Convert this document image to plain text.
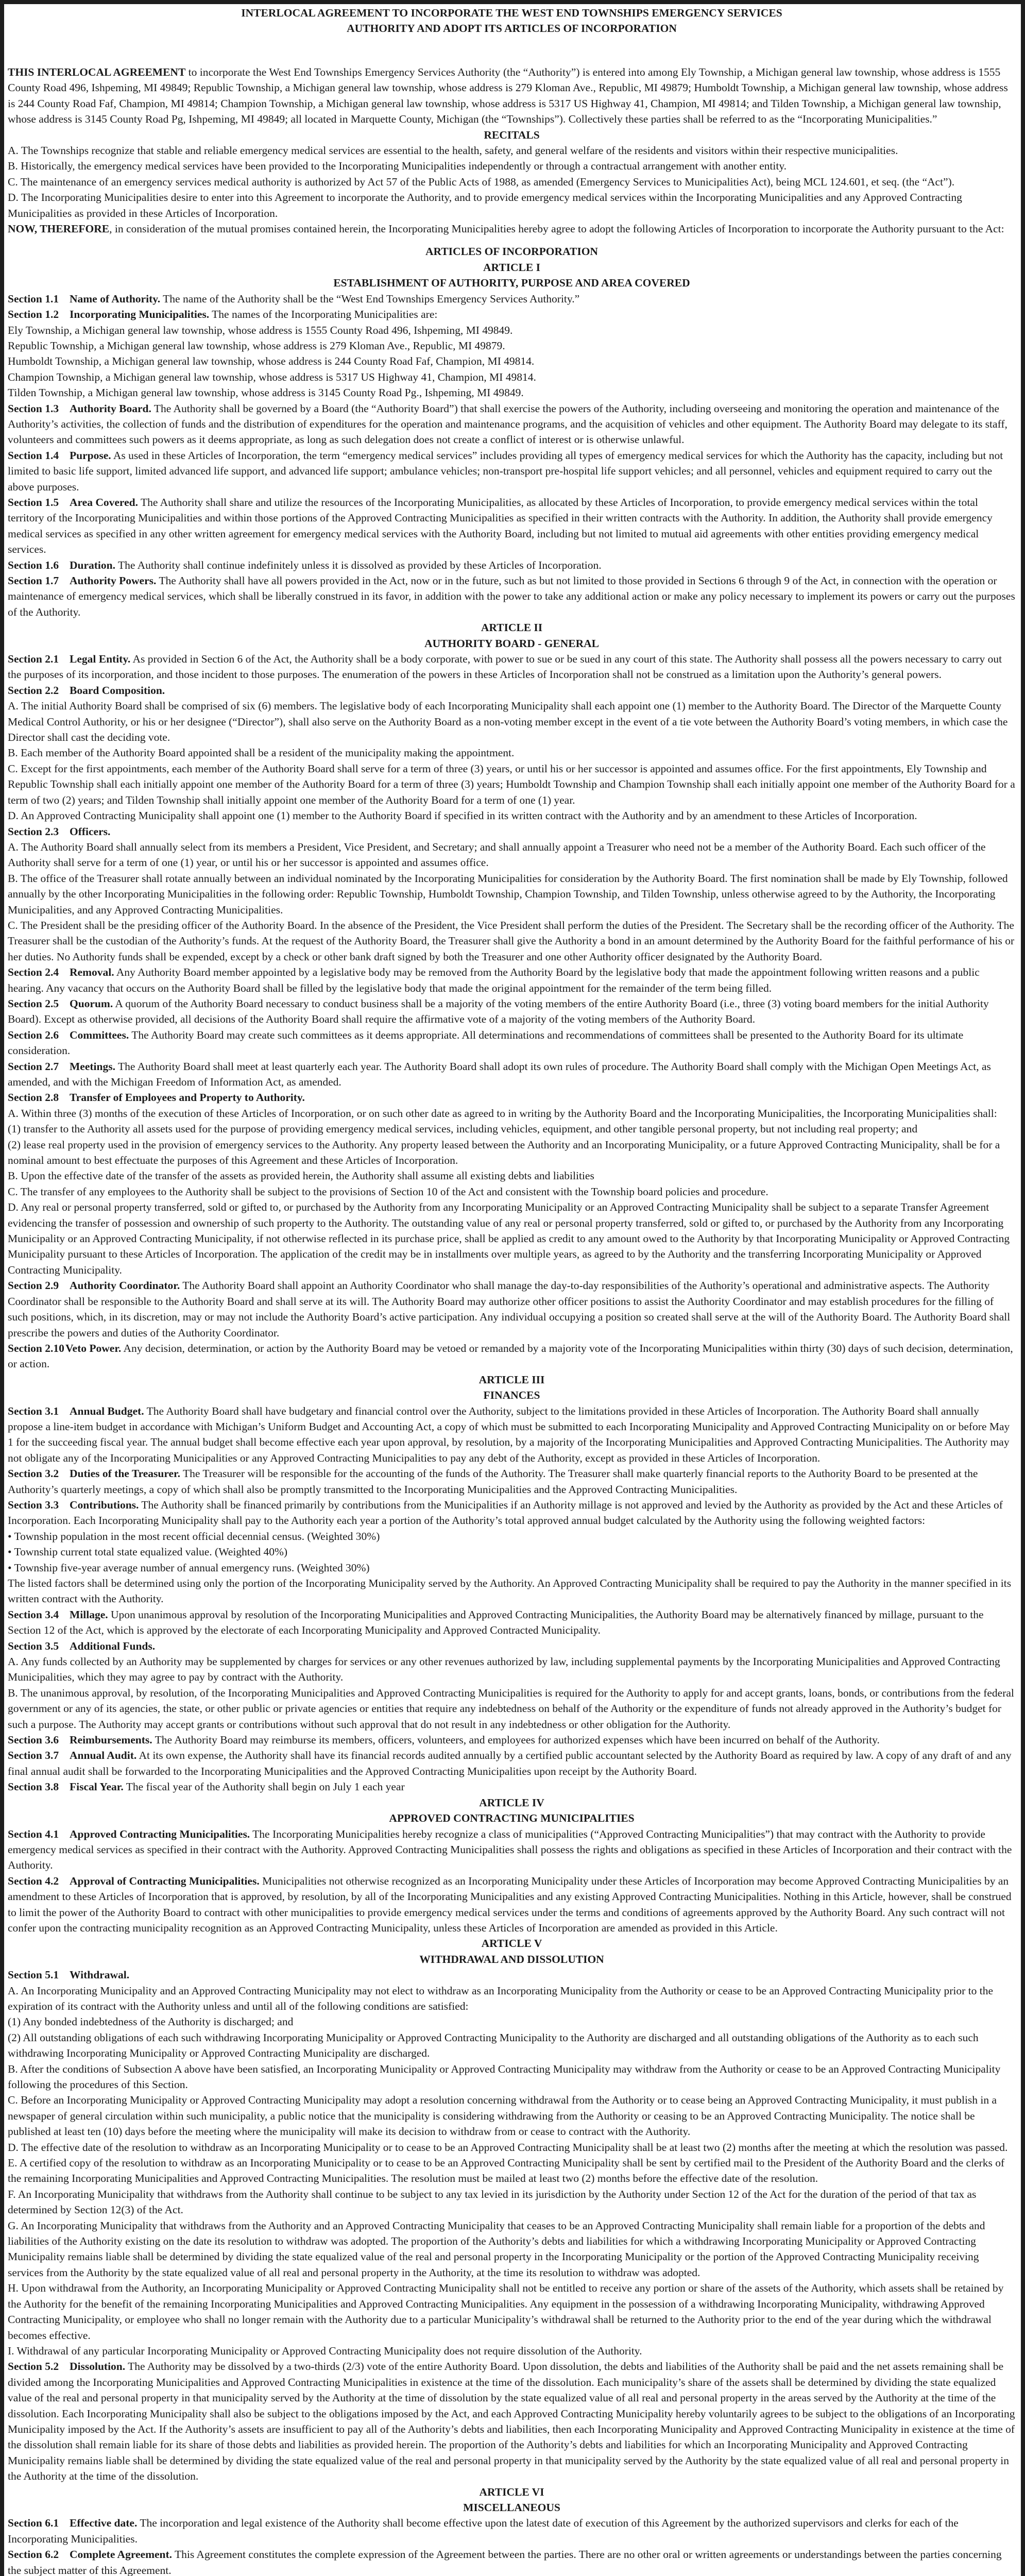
INTERLOCAL AGREEMENT TO INCORPORATE THE WEST END TOWNSHIPS EMERGENCY SERVICES
AUTHORITY AND ADOPT ITS ARTICLES OF INCORPORATION

THIS INTERLOCAL AGREEMENT to incorporate the West End Townships Emergency Services Authority (the “Authority”) is entered into among Ely Township, a Michigan general law township, whose address is 1555 County Road 496, Ishpeming, MI 49849; Republic Township, a Michigan general law township, whose address is 279 Kloman Ave., Republic, MI 49879; Humboldt Township, a Michigan general law township, whose address is 244 County Road Faf, Champion, MI 49814; Champion Township, a Michigan general law township, whose address is 5317 US Highway 41, Champion, MI 49814; and Tilden Township, a Michigan general law township, whose address is 3145 County Road Pg, Ishpeming, MI 49849; all located in Marquette County, Michigan (the “Townships”). Collectively these parties shall be referred to as the “Incorporating Municipalities.”

RECITALS

A. The Townships recognize that stable and reliable emergency medical services are essential to the health, safety, and general welfare of the residents and visitors within their respective municipalities.

B. Historically, the emergency medical services have been provided to the Incorporating Municipalities independently or through a contractual arrangement with another entity.

C. The maintenance of an emergency services medical authority is authorized by Act 57 of the Public Acts of 1988, as amended (Emergency Services to Municipalities Act), being MCL 124.601, et seq. (the “Act”).

D. The Incorporating Municipalities desire to enter into this Agreement to incorporate the Authority, and to provide emergency medical services within the Incorporating Municipalities and any Approved Contracting Municipalities as provided in these Articles of Incorporation.

NOW, THEREFORE, in consideration of the mutual promises contained herein, the Incorporating Municipalities hereby agree to adopt the following Articles of Incorporation to incorporate the Authority pursuant to the Act:

ARTICLES OF INCORPORATION

ARTICLE I

ESTABLISHMENT OF AUTHORITY, PURPOSE AND AREA COVERED

Section 1.1 Name of Authority. The name of the Authority shall be the “West End Townships Emergency Services Authority.”

Section 1.2 Incorporating Municipalities. The names of the Incorporating Municipalities are:

Ely Township, a Michigan general law township, whose address is 1555 County Road 496, Ishpeming, MI 49849.

Republic Township, a Michigan general law township, whose address is 279 Kloman Ave., Republic, MI 49879.

Humboldt Township, a Michigan general law township, whose address is 244 County Road Faf, Champion, MI 49814.

Champion Township, a Michigan general law township, whose address is 5317 US Highway 41, Champion, MI 49814.

Tilden Township, a Michigan general law township, whose address is 3145 County Road Pg., Ishpeming, MI 49849.

Section 1.3 Authority Board. The Authority shall be governed by a Board (the “Authority Board”) that shall exercise the powers of the Authority, including overseeing and monitoring the operation and maintenance of the Authority’s activities, the collection of funds and the distribution of expenditures for the operation and maintenance programs, and the acquisition of vehicles and other equipment. The Authority Board may delegate to its staff, volunteers and committees such powers as it deems appropriate, as long as such delegation does not create a conflict of interest or is otherwise unlawful.

Section 1.4 Purpose. As used in these Articles of Incorporation, the term “emergency medical services” includes providing all types of emergency medical services for which the Authority has the capacity, including but not limited to basic life support, limited advanced life support, and advanced life support; ambulance vehicles; non-transport pre-hospital life support vehicles; and all personnel, vehicles and equipment required to carry out the above purposes.

Section 1.5 Area Covered. The Authority shall share and utilize the resources of the Incorporating Municipalities, as allocated by these Articles of Incorporation, to provide emergency medical services within the total territory of the Incorporating Municipalities and within those portions of the Approved Contracting Municipalities as specified in their written contracts with the Authority. In addition, the Authority shall provide emergency medical services as specified in any other written agreement for emergency medical services with the Authority Board, including but not limited to mutual aid agreements with other entities providing emergency medical services.

Section 1.6 Duration. The Authority shall continue indefinitely unless it is dissolved as provided by these Articles of Incorporation.

Section 1.7 Authority Powers. The Authority shall have all powers provided in the Act, now or in the future, such as but not limited to those provided in Sections 6 through 9 of the Act, in connection with the operation or maintenance of emergency medical services, which shall be liberally construed in its favor, in addition with the power to take any additional action or make any policy necessary to implement its powers or carry out the purposes of the Authority.

ARTICLE II

AUTHORITY BOARD - GENERAL

Section 2.1 Legal Entity. As provided in Section 6 of the Act, the Authority shall be a body corporate, with power to sue or be sued in any court of this state. The Authority shall possess all the powers necessary to carry out the purposes of its incorporation, and those incident to those purposes. The enumeration of the powers in these Articles of Incorporation shall not be construed as a limitation upon the Authority’s general powers.

Section 2.2 Board Composition.

A. The initial Authority Board shall be comprised of six (6) members. The legislative body of each Incorporating Municipality shall each appoint one (1) member to the Authority Board. The Director of the Marquette County Medical Control Authority, or his or her designee (“Director”), shall also serve on the Authority Board as a non-voting member except in the event of a tie vote between the Authority Board’s voting members, in which case the Director shall cast the deciding vote.

B. Each member of the Authority Board appointed shall be a resident of the municipality making the appointment.

C. Except for the first appointments, each member of the Authority Board shall serve for a term of three (3) years, or until his or her successor is appointed and assumes office. For the first appointments, Ely Township and Republic Township shall each initially appoint one member of the Authority Board for a term of three (3) years; Humboldt Township and Champion Township shall each initially appoint one member of the Authority Board for a term of two (2) years; and Tilden Township shall initially appoint one member of the Authority Board for a term of one (1) year.

D. An Approved Contracting Municipality shall appoint one (1) member to the Authority Board if specified in its written contract with the Authority and by an amendment to these Articles of Incorporation.

Section 2.3 Officers.

A. The Authority Board shall annually select from its members a President, Vice President, and Secretary; and shall annually appoint a Treasurer who need not be a member of the Authority Board. Each such officer of the Authority shall serve for a term of one (1) year, or until his or her successor is appointed and assumes office.

B. The office of the Treasurer shall rotate annually between an individual nominated by the Incorporating Municipalities for consideration by the Authority Board. The first nomination shall be made by Ely Township, followed annually by the other Incorporating Municipalities in the following order: Republic Township, Humboldt Township, Champion Township, and Tilden Township, unless otherwise agreed to by the Authority, the Incorporating Municipalities, and any Approved Contracting Municipalities.

C. The President shall be the presiding officer of the Authority Board. In the absence of the President, the Vice President shall perform the duties of the President. The Secretary shall be the recording officer of the Authority. The Treasurer shall be the custodian of the Authority’s funds. At the request of the Authority Board, the Treasurer shall give the Authority a bond in an amount determined by the Authority Board for the faithful performance of his or her duties. No Authority funds shall be expended, except by a check or other bank draft signed by both the Treasurer and one other Authority officer designated by the Authority Board.

Section 2.4 Removal. Any Authority Board member appointed by a legislative body may be removed from the Authority Board by the legislative body that made the appointment following written reasons and a public hearing. Any vacancy that occurs on the Authority Board shall be filled by the legislative body that made the original appointment for the remainder of the term being filled.

Section 2.5 Quorum. A quorum of the Authority Board necessary to conduct business shall be a majority of the voting members of the entire Authority Board (i.e., three (3) voting board members for the initial Authority Board). Except as otherwise provided, all decisions of the Authority Board shall require the affirmative vote of a majority of the voting members of the Authority Board.

Section 2.6 Committees. The Authority Board may create such committees as it deems appropriate. All determinations and recommendations of committees shall be presented to the Authority Board for its ultimate consideration.

Section 2.7 Meetings. The Authority Board shall meet at least quarterly each year. The Authority Board shall adopt its own rules of procedure. The Authority Board shall comply with the Michigan Open Meetings Act, as amended, and with the Michigan Freedom of Information Act, as amended.

Section 2.8 Transfer of Employees and Property to Authority.

A. Within three (3) months of the execution of these Articles of Incorporation, or on such other date as agreed to in writing by the Authority Board and the Incorporating Municipalities, the Incorporating Municipalities shall:

(1) transfer to the Authority all assets used for the purpose of providing emergency medical services, including vehicles, equipment, and other tangible personal property, but not including real property; and

(2) lease real property used in the provision of emergency services to the Authority. Any property leased between the Authority and an Incorporating Municipality, or a future Approved Contracting Municipality, shall be for a nominal amount to best effectuate the purposes of this Agreement and these Articles of Incorporation.

B. Upon the effective date of the transfer of the assets as provided herein, the Authority shall assume all existing debts and liabilities

C. The transfer of any employees to the Authority shall be subject to the provisions of Section 10 of the Act and consistent with the Township board policies and procedure.

D. Any real or personal property transferred, sold or gifted to, or purchased by the Authority from any Incorporating Municipality or an Approved Contracting Municipality shall be subject to a separate Transfer Agreement evidencing the transfer of possession and ownership of such property to the Authority. The outstanding value of any real or personal property transferred, sold or gifted to, or purchased by the Authority from any Incorporating Municipality or an Approved Contracting Municipality, if not otherwise reflected in its purchase price, shall be applied as credit to any amount owed to the Authority by that Incorporating Municipality or Approved Contracting Municipality pursuant to these Articles of Incorporation. The application of the credit may be in installments over multiple years, as agreed to by the Authority and the transferring Incorporating Municipality or Approved Contracting Municipality.

Section 2.9 Authority Coordinator. The Authority Board shall appoint an Authority Coordinator who shall manage the day-to-day responsibilities of the Authority’s operational and administrative aspects. The Authority Coordinator shall be responsible to the Authority Board and shall serve at its will. The Authority Board may authorize other officer positions to assist the Authority Coordinator and may establish procedures for the filling of such positions, which, in its discretion, may or may not include the Authority Board’s active participation. Any individual occupying a position so created shall serve at the will of the Authority Board. The Authority Board shall prescribe the powers and duties of the Authority Coordinator.

Section 2.10Veto Power. Any decision, determination, or action by the Authority Board may be vetoed or remanded by a majority vote of the Incorporating Municipalities within thirty (30) days of such decision, determination, or action.

ARTICLE III

FINANCES

Section 3.1 Annual Budget. The Authority Board shall have budgetary and financial control over the Authority, subject to the limitations provided in these Articles of Incorporation. The Authority Board shall annually propose a line-item budget in accordance with Michigan’s Uniform Budget and Accounting Act, a copy of which must be submitted to each Incorporating Municipality and Approved Contracting Municipality on or before May 1 for the succeeding fiscal year. The annual budget shall become effective each year upon approval, by resolution, by a majority of the Incorporating Municipalities and Approved Contracting Municipalities. The Authority may not obligate any of the Incorporating Municipalities or any Approved Contracting Municipalities to pay any debt of the Authority, except as provided in these Articles of Incorporation.

Section 3.2 Duties of the Treasurer. The Treasurer will be responsible for the accounting of the funds of the Authority. The Treasurer shall make quarterly financial reports to the Authority Board to be presented at the Authority’s quarterly meetings, a copy of which shall also be promptly transmitted to the Incorporating Municipalities and the Approved Contracting Municipalities.

Section 3.3 Contributions. The Authority shall be financed primarily by contributions from the Municipalities if an Authority millage is not approved and levied by the Authority as provided by the Act and these Articles of Incorporation. Each Incorporating Municipality shall pay to the Authority each year a portion of the Authority’s total approved annual budget calculated by the Authority using the following weighted factors:

• Township population in the most recent official decennial census. (Weighted 30%)
• Township current total state equalized value. (Weighted 40%)
• Township five-year average number of annual emergency runs. (Weighted 30%)

The listed factors shall be determined using only the portion of the Incorporating Municipality served by the Authority. An Approved Contracting Municipality shall be required to pay the Authority in the manner specified in its written contract with the Authority.

Section 3.4 Millage. Upon unanimous approval by resolution of the Incorporating Municipalities and Approved Contracting Municipalities, the Authority Board may be alternatively financed by millage, pursuant to the Section 12 of the Act, which is approved by the electorate of each Incorporating Municipality and Approved Contracted Municipality.

Section 3.5 Additional Funds.

A. Any funds collected by an Authority may be supplemented by charges for services or any other revenues authorized by law, including supplemental payments by the Incorporating Municipalities and Approved Contracting Municipalities, which they may agree to pay by contract with the Authority.

B. The unanimous approval, by resolution, of the Incorporating Municipalities and Approved Contracting Municipalities is required for the Authority to apply for and accept grants, loans, bonds, or contributions from the federal government or any of its agencies, the state, or other public or private agencies or entities that require any indebtedness on behalf of the Authority or the expenditure of funds not already approved in the Authority’s budget for such a purpose. The Authority may accept grants or contributions without such approval that do not result in any indebtedness or other obligation for the Authority.

Section 3.6 Reimbursements. The Authority Board may reimburse its members, officers, volunteers, and employees for authorized expenses which have been incurred on behalf of the Authority.

Section 3.7 Annual Audit. At its own expense, the Authority shall have its financial records audited annually by a certified public accountant selected by the Authority Board as required by law. A copy of any draft of and any final annual audit shall be forwarded to the Incorporating Municipalities and the Approved Contracting Municipalities upon receipt by the Authority Board.

Section 3.8 Fiscal Year. The fiscal year of the Authority shall begin on July 1 each year

ARTICLE IV

APPROVED CONTRACTING MUNICIPALITIES

Section 4.1 Approved Contracting Municipalities. The Incorporating Municipalities hereby recognize a class of municipalities (“Approved Contracting Municipalities”) that may contract with the Authority to provide emergency medical services as specified in their contract with the Authority. Approved Contracting Municipalities shall possess the rights and obligations as specified in these Articles of Incorporation and their contract with the Authority.

Section 4.2 Approval of Contracting Municipalities. Municipalities not otherwise recognized as an Incorporating Municipality under these Articles of Incorporation may become Approved Contracting Municipalities by an amendment to these Articles of Incorporation that is approved, by resolution, by all of the Incorporating Municipalities and any existing Approved Contracting Municipalities. Nothing in this Article, however, shall be construed to limit the power of the Authority Board to contract with other municipalities to provide emergency medical services under the terms and conditions of agreements approved by the Authority Board. Any such contract will not confer upon the contracting municipality recognition as an Approved Contracting Municipality, unless these Articles of Incorporation are amended as provided in this Article.

ARTICLE V

WITHDRAWAL AND DISSOLUTION

Section 5.1 Withdrawal.

A. An Incorporating Municipality and an Approved Contracting Municipality may not elect to withdraw as an Incorporating Municipality from the Authority or cease to be an Approved Contracting Municipality prior to the expiration of its contract with the Authority unless and until all of the following conditions are satisfied:

(1) Any bonded indebtedness of the Authority is discharged; and

(2) All outstanding obligations of each such withdrawing Incorporating Municipality or Approved Contracting Municipality to the Authority are discharged and all outstanding obligations of the Authority as to each such withdrawing Incorporating Municipality or Approved Contracting Municipality are discharged.

B. After the conditions of Subsection A above have been satisfied, an Incorporating Municipality or Approved Contracting Municipality may withdraw from the Authority or cease to be an Approved Contracting Municipality following the procedures of this Section.

C. Before an Incorporating Municipality or Approved Contracting Municipality may adopt a resolution concerning withdrawal from the Authority or to cease being an Approved Contracting Municipality, it must publish in a newspaper of general circulation within such municipality, a public notice that the municipality is considering withdrawing from the Authority or ceasing to be an Approved Contracting Municipality. The notice shall be published at least ten (10) days before the meeting where the municipality will make its decision to withdraw from or cease to contract with the Authority.

D. The effective date of the resolution to withdraw as an Incorporating Municipality or to cease to be an Approved Contracting Municipality shall be at least two (2) months after the meeting at which the resolution was passed.

E. A certified copy of the resolution to withdraw as an Incorporating Municipality or to cease to be an Approved Contracting Municipality shall be sent by certified mail to the President of the Authority Board and the clerks of the remaining Incorporating Municipalities and Approved Contracting Municipalities. The resolution must be mailed at least two (2) months before the effective date of the resolution.

F. An Incorporating Municipality that withdraws from the Authority shall continue to be subject to any tax levied in its jurisdiction by the Authority under Section 12 of the Act for the duration of the period of that tax as determined by Section 12(3) of the Act.

G. An Incorporating Municipality that withdraws from the Authority and an Approved Contracting Municipality that ceases to be an Approved Contracting Municipality shall remain liable for a proportion of the debts and liabilities of the Authority existing on the date its resolution to withdraw was adopted. The proportion of the Authority’s debts and liabilities for which a withdrawing Incorporating Municipality or Approved Contracting Municipality remains liable shall be determined by dividing the state equalized value of the real and personal property in the Incorporating Municipality or the portion of the Approved Contracting Municipality receiving services from the Authority by the state equalized value of all real and personal property in the Authority, at the time its resolution to withdraw was adopted.

H. Upon withdrawal from the Authority, an Incorporating Municipality or Approved Contracting Municipality shall not be entitled to receive any portion or share of the assets of the Authority, which assets shall be retained by the Authority for the benefit of the remaining Incorporating Municipalities and Approved Contracting Municipalities. Any equipment in the possession of a withdrawing Incorporating Municipality, withdrawing Approved Contracting Municipality, or employee who shall no longer remain with the Authority due to a particular Municipality’s withdrawal shall be returned to the Authority prior to the end of the year during which the withdrawal becomes effective.

I. Withdrawal of any particular Incorporating Municipality or Approved Contracting Municipality does not require dissolution of the Authority.

Section 5.2 Dissolution. The Authority may be dissolved by a two-thirds (2/3) vote of the entire Authority Board. Upon dissolution, the debts and liabilities of the Authority shall be paid and the net assets remaining shall be divided among the Incorporating Municipalities and Approved Contracting Municipalities in existence at the time of the dissolution. Each municipality’s share of the assets shall be determined by dividing the state equalized value of the real and personal property in that municipality served by the Authority at the time of dissolution by the state equalized value of all real and personal property in the areas served by the Authority at the time of the dissolution. Each Incorporating Municipality shall also be subject to the obligations imposed by the Act, and each Approved Contracting Municipality hereby voluntarily agrees to be subject to the obligations of an Incorporating Municipality imposed by the Act. If the Authority’s assets are insufficient to pay all of the Authority’s debts and liabilities, then each Incorporating Municipality and Approved Contracting Municipality in existence at the time of the dissolution shall remain liable for its share of those debts and liabilities as provided herein. The proportion of the Authority’s debts and liabilities for which an Incorporating Municipality and Approved Contracting Municipality remains liable shall be determined by dividing the state equalized value of the real and personal property in that municipality served by the Authority by the state equalized value of all real and personal property in the Authority at the time of the dissolution.

ARTICLE VI

MISCELLANEOUS

Section 6.1 Effective date. The incorporation and legal existence of the Authority shall become effective upon the latest date of execution of this Agreement by the authorized supervisors and clerks for each of the Incorporating Municipalities.

Section 6.2 Complete Agreement. This Agreement constitutes the complete expression of the Agreement between the parties. There are no other oral or written agreements or understandings between the parties concerning the subject matter of this Agreement.
